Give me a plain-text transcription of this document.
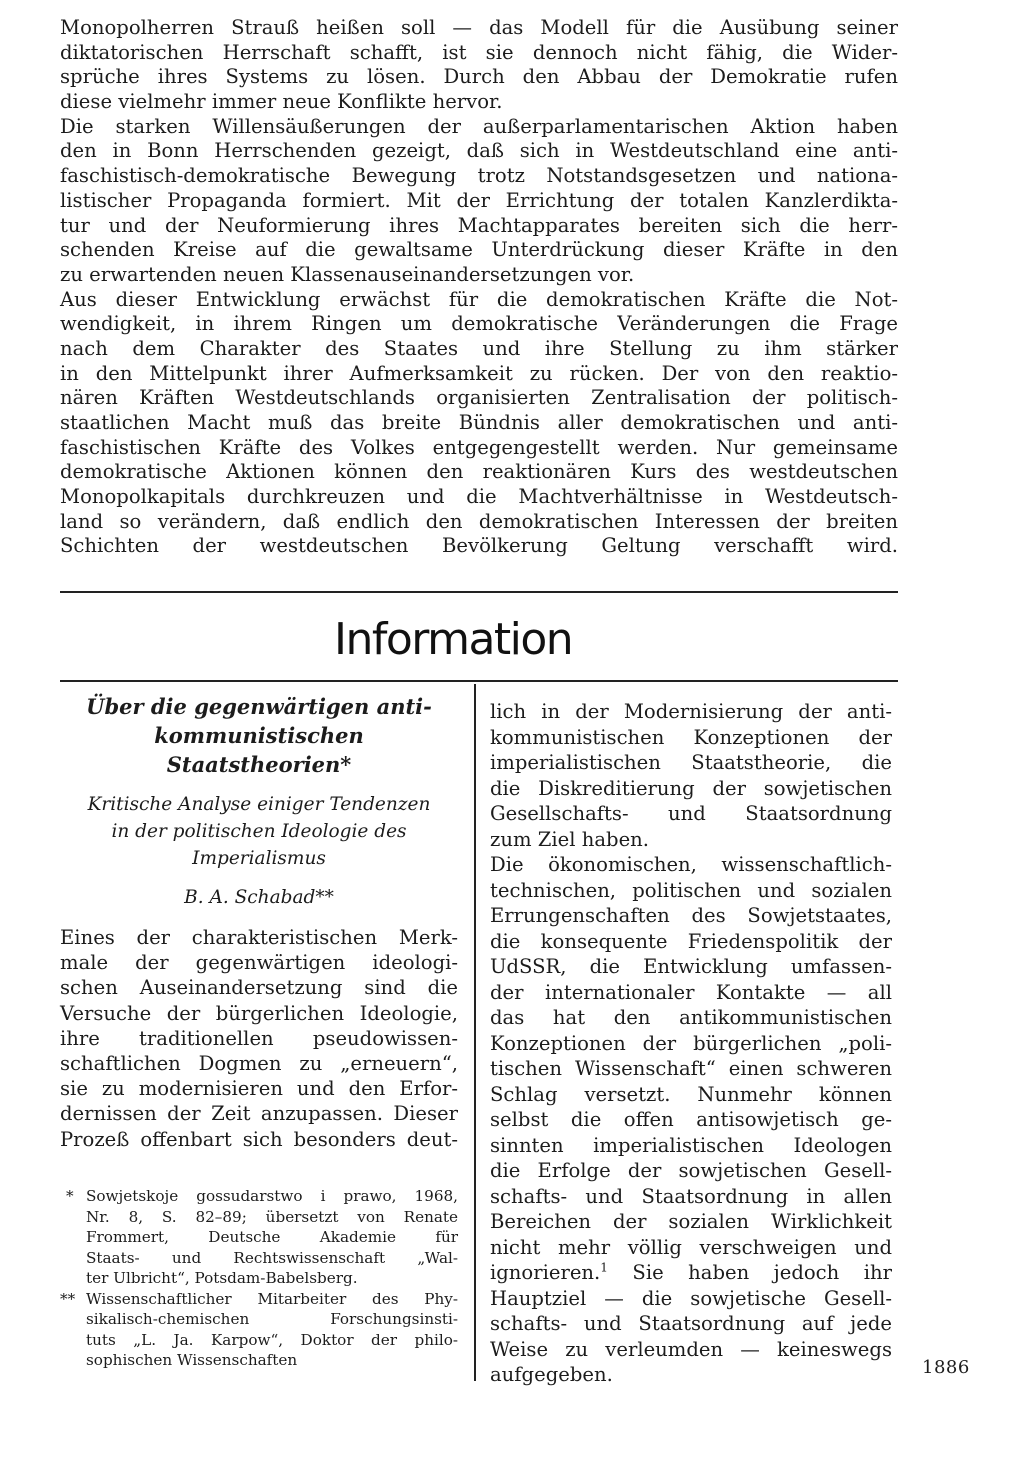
Monopolherren Strauß heißen soll — das Modell für die Ausübung seiner
diktatorischen Herrschaft schafft, ist sie dennoch nicht fähig, die Wider-
sprüche ihres Systems zu lösen. Durch den Abbau der Demokratie rufen
diese vielmehr immer neue Konflikte hervor.
Die starken Willensäußerungen der außerparlamentarischen Aktion haben
den in Bonn Herrschenden gezeigt, daß sich in Westdeutschland eine anti-
faschistisch-demokratische Bewegung trotz Notstandsgesetzen und nationa-
listischer Propaganda formiert. Mit der Errichtung der totalen Kanzlerdikta-
tur und der Neuformierung ihres Machtapparates bereiten sich die herr-
schenden Kreise auf die gewaltsame Unterdrückung dieser Kräfte in den
zu erwartenden neuen Klassenauseinandersetzungen vor.
Aus dieser Entwicklung erwächst für die demokratischen Kräfte die Not-
wendigkeit, in ihrem Ringen um demokratische Veränderungen die Frage
nach dem Charakter des Staates und ihre Stellung zu ihm stärker
in den Mittelpunkt ihrer Aufmerksamkeit zu rücken. Der von den reaktio-
nären Kräften Westdeutschlands organisierten Zentralisation der politisch-
staatlichen Macht muß das breite Bündnis aller demokratischen und anti-
faschistischen Kräfte des Volkes entgegengestellt werden. Nur gemeinsame
demokratische Aktionen können den reaktionären Kurs des westdeutschen
Monopolkapitals durchkreuzen und die Machtverhältnisse in Westdeutsch-
land so verändern, daß endlich den demokratischen Interessen der breiten
Schichten der westdeutschen Bevölkerung Geltung verschafft wird.
Information

Über die gegenwärtigen anti-
kommunistischen Staatstheorien*

Kritische Analyse einiger Tendenzen
in der politischen Ideologie des
Imperialismus
B. A. Schabad**
Eines der charakteristischen Merk-
male der gegenwärtigen ideologi-
schen Auseinandersetzung sind die
Versuche der bürgerlichen Ideologie,
ihre traditionellen pseudowissen-
schaftlichen Dogmen zu „erneuern“,
sie zu modernisieren und den Erfor-
dernissen der Zeit anzupassen. Dieser
Prozeß offenbart sich besonders deut-
* Sowjetskoje gossudarstwo i prawo, 1968,
Nr. 8, S. 82–89; übersetzt von Renate
Frommert, Deutsche Akademie für
Staats- und Rechtswissenschaft „Wal-
ter Ulbricht“, Potsdam-Babelsberg.
** Wissenschaftlicher Mitarbeiter des Phy-
sikalisch-chemischen Forschungsinsti-
tuts „L. Ja. Karpow“, Doktor der philo-
sophischen Wissenschaften
lich in der Modernisierung der anti-
kommunistischen Konzeptionen der
imperialistischen Staatstheorie, die
die Diskreditierung der sowjetischen
Gesellschafts- und Staatsordnung
zum Ziel haben.
Die ökonomischen, wissenschaftlich-
technischen, politischen und sozialen
Errungenschaften des Sowjetstaates,
die konsequente Friedenspolitik der
UdSSR, die Entwicklung umfassen-
der internationaler Kontakte — all
das hat den antikommunistischen
Konzeptionen der bürgerlichen „poli-
tischen Wissenschaft“ einen schweren
Schlag versetzt. Nunmehr können
selbst die offen antisowjetisch ge-
sinnten imperialistischen Ideologen
die Erfolge der sowjetischen Gesell-
schafts- und Staatsordnung in allen
Bereichen der sozialen Wirklichkeit
nicht mehr völlig verschweigen und
ignorieren.$^1$ Sie haben jedoch ihr
Hauptziel — die sowjetische Gesell-
schafts- und Staatsordnung auf jede
Weise zu verleumden — keineswegs
aufgegeben.	1886
